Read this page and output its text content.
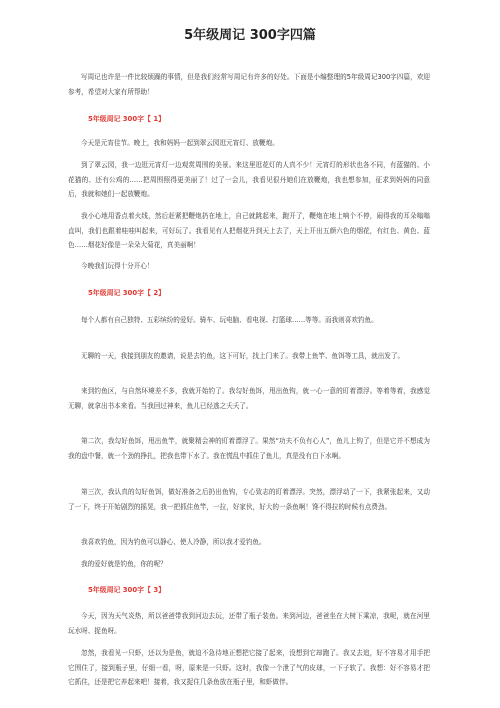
5年级周记 300字四篇

写周记也许是一件比较烦躁的事情，但是我们经常写周记有许多的好处。下面是小编整理的5年级周记300字四篇，欢迎参考，希望对大家有所帮助！

5年级周记 300字【 1】

今天是元宵佳节。晚上，我和妈妈一起到翠云园逛元宵灯、放鞭炮。

到了翠云园，我一边逛元宵灯一边观赏周围的美景。来这里逛花灯的人真不少！元宵灯的形状也各不同，有蓝猫的、小花猫的、还有公鸡的……把周围照得更美丽了！过了一会儿，我看见很丹她们在放鞭炮，我也想参加，征求到妈妈的同意后，我就和她们一起放鞭炮。

我小心地用香点着火线，然后赶紧把鞭炮扔在地上，自己就跳起来，跑开了，鞭炮在地上响个不停，闹得我的耳朵嗡嗡直叫，我们也跟着哇哇叫起来，可好玩了。我看见有人把烟花升到天上去了，天上开出五颜六色的烟花，有红色、黄色、蓝色……烟花好像是一朵朵大菊花，真美丽啊！

今晚我们玩得十分开心！

5年级周记 300字【 2】

每个人都有自己独特、五彩缤纷的爱好。骑车、玩电脑、看电视、打篮球……等等。而我则喜欢钓鱼。

无聊的一天，我接到朋友的邀请，说是去钓鱼，这下可好，找上门来了。我带上鱼竿、鱼饵等工具，就出发了。

来到钓鱼区，与自然环境差不多，我就开始钓了。我勾好鱼饵，甩出鱼钩，就一心一意的盯着漂浮。等着等着，我感觉无聊，就拿出书本来看。当我回过神来，鱼儿已经逃之夭夭了。

第二次，我勾好鱼饵，甩出鱼竿，就聚精会神的盯着漂浮了。果然“功夫不负有心人”，鱼儿上钩了，但是它并不想成为我的盘中餐，就一个劲的挣扎，把我也带下水了。我在慌乱中抓住了鱼儿，真是没有白下水啊。

第三次，我认真的勾好鱼饵，做好准备之后扔出鱼钩，专心致志的盯着漂浮。突然，漂浮动了一下，我紧张起来，又动了一下，终于开始剧烈的摇晃，我一把抓住鱼竿，一拉，好家伙，好大的一条鱼啊！馋不得拉的时候有点费劲。

我喜欢钓鱼，因为钓鱼可以静心、使人冷静，所以我才爱钓鱼。

我的爱好就是钓鱼，你的呢？

5年级周记 300字【 3】

今天，因为天气炎热，所以爸爸带我到河边去玩，还带了瓶子装鱼。来到河边，爸爸坐在大树下乘凉，我呢，就在河里玩水呀、捉鱼呀。

忽然，我看见一只虾，还以为是鱼，就迫不急待地正想把它接了起来，没想到它却跑了。我又去追，好不容易才用手把它围住了，接到瓶子里，仔细一看，呀，原来是一只虾。这时，我像一个泄了气的皮球，一下子软了。我想：好不容易才把它抓住，还是把它养起来吧！接着，我又捉住几条鱼放在瓶子里，和虾做伴。
